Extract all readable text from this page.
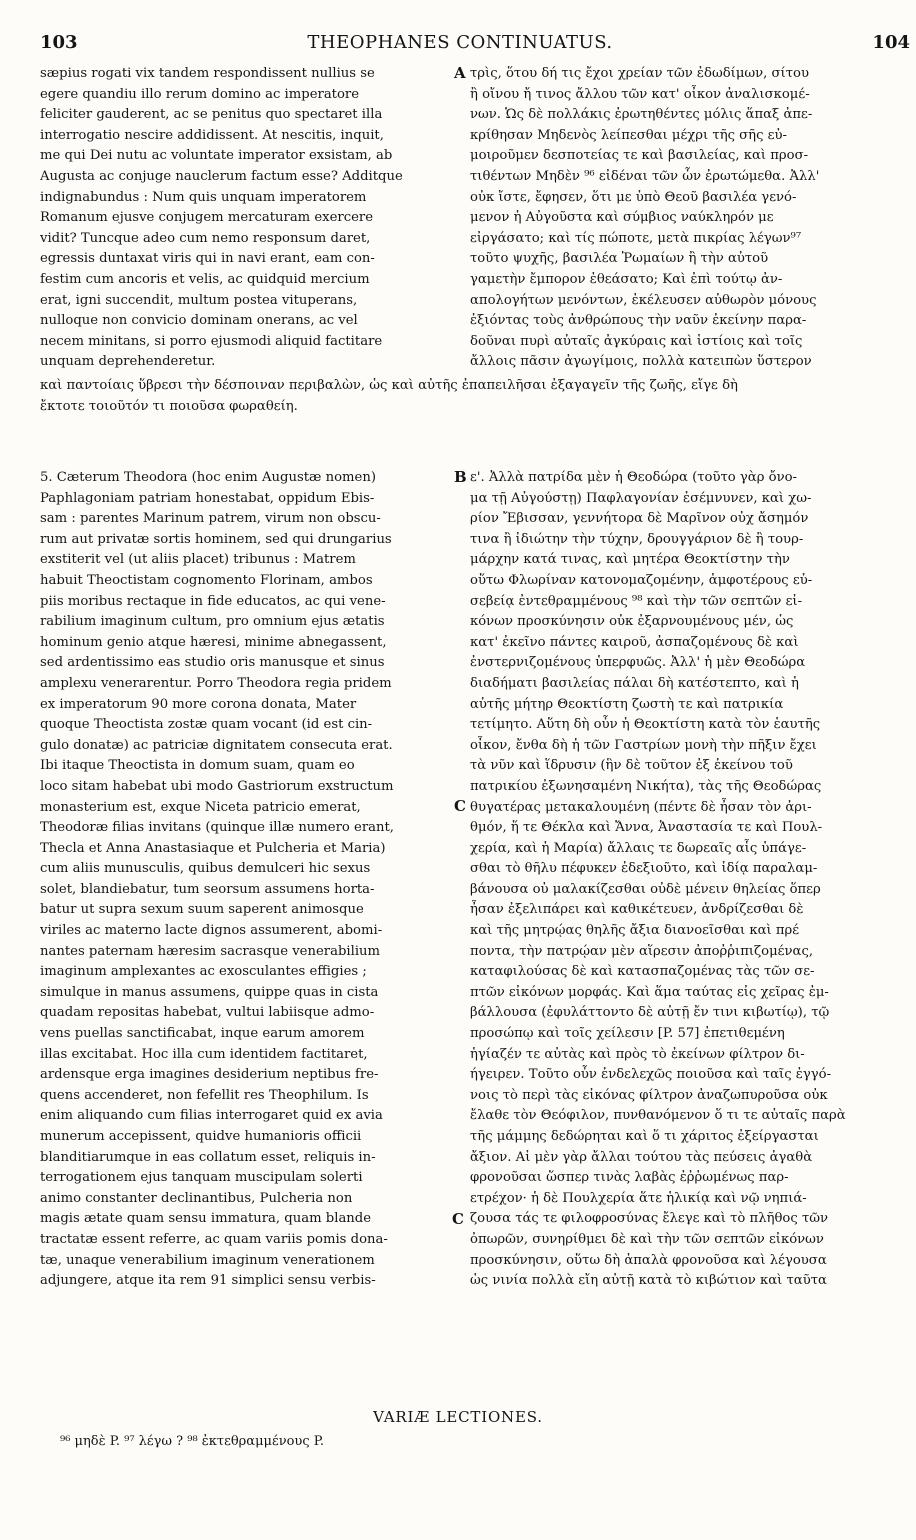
103	THEOPHANES CONTINUATUS.	104
sæpius rogati vix tandem respondissent nullius se
egere quandiu illo rerum domino ac imperatore
feliciter gauderent, ac se penitus quo spectaret illa
interrogatio nescire addidissent. At nescitis, inquit,
me qui Dei nutu ac voluntate imperator exsistam, ab
Augusta ac conjuge nauclerum factum esse? Additque
indignabundus : Num quis unquam imperatorem
Romanum ejusve conjugem mercaturam exercere
vidit? Tuncque adeo cum nemo responsum daret,
egressis duntaxat viris qui in navi erant, eam con-
festim cum ancoris et velis, ac quidquid mercium
erat, igni succendit, multum postea vituperans,
nulloque non convicio dominam onerans, ac vel
necem minitans, si porro ejusmodi aliquid factitare
unquam deprehenderetur.
A τρὶς, ὅτου δή τις ἔχοι χρείαν τῶν ἐδωδίμων, σίτου
ἢ οἴνου ἤ τινος ἄλλου τῶν κατ' οἶκον ἀναλισκομέ-
νων. Ὡς δὲ πολλάκις ἐρωτηθέντες μόλις ἅπαξ ἀπε-
κρίθησαν Μηδενὸς λείπεσθαι μέχρι τῆς σῆς εὐ-
μοιροῦμεν δεσποτείας τε καὶ βασιλείας, καὶ προσ-
τιθέντων Μηδὲν ⁹⁶ εἰδέναι τῶν ὧν ἐρωτώμεθα. Ἀλλ'
οὐκ ἴστε, ἔφησεν, ὅτι με ὑπὸ Θεοῦ βασιλέα γενό-
μενον ἡ Αὐγοῦστα καὶ σύμβιος ναύκληρόν με
εἰργάσατο; καὶ τίς πώποτε, μετὰ πικρίας λέγων⁹⁷
τοῦτο ψυχῆς, βασιλέα Ῥωμαίων ἢ τὴν αὐτοῦ
γαμετὴν ἔμπορον ἐθεάσατο; Καὶ ἐπὶ τούτῳ ἀν-
απολογήτων μενόντων, ἐκέλευσεν αὐθωρὸν μόνους
ἐξιόντας τοὺς ἀνθρώπους τὴν ναῦν ἐκείνην παρα-
δοῦναι πυρὶ αὐταῖς ἀγκύραις καὶ ἱστίοις καὶ τοῖς
ἄλλοις πᾶσιν ἀγωγίμοις, πολλὰ κατειπὼν ὕστερον
καὶ παντοίαις ὕβρεσι τὴν δέσποιναν περιβαλὼν, ὡς καὶ αὐτῆς ἐπαπειλῆσαι ἐξαγαγεῖν τῆς ζωῆς, εἴγε δὴ
ἔκτοτε τοιοῦτόν τι ποιοῦσα φωραθείη.
5. Cæterum Theodora (hoc enim Augustæ nomen)
Paphlagoniam patriam honestabat, oppidum Ebis-
sam : parentes Marinum patrem, virum non obscu-
rum aut privatæ sortis hominem, sed qui drungarius
exstiterit vel (ut aliis placet) tribunus : Matrem
habuit Theoctistam cognomento Florinam, ambos
piis moribus rectaque in fide educatos, ac qui vene-
rabilium imaginum cultum, pro omnium ejus ætatis
hominum genio atque hæresi, minime abnegassent,
sed ardentissimo eas studio oris manusque et sinus
amplexu venerarentur. Porro Theodora regia pridem
ex imperatorum 90 more corona donata, Mater
quoque Theoctista zostæ quam vocant (id est cin-
gulo donatæ) ac patriciæ dignitatem consecuta erat.
Ibi itaque Theoctista in domum suam, quam eo
loco sitam habebat ubi modo Gastriorum exstructum
monasterium est, exque Niceta patricio emerat,
Theodoræ filias invitans (quinque illæ numero erant,
Thecla et Anna Anastasiaque et Pulcheria et Maria)
cum aliis munusculis, quibus demulceri hic sexus
solet, blandiebatur, tum seorsum assumens horta-
batur ut supra sexum suum saperent animosque
viriles ac materno lacte dignos assumerent, abomi-
nantes paternam hæresim sacrasque venerabilium
imaginum amplexantes ac exosculantes effigies ;
simulque in manus assumens, quippe quas in cista
quadam repositas habebat, vultui labiisque admo-
vens puellas sanctificabat, inque earum amorem
illas excitabat. Hoc illa cum identidem factitaret,
ardensque erga imagines desiderium neptibus fre-
quens accenderet, non fefellit res Theophilum. Is
enim aliquando cum filias interrogaret quid ex avia
munerum accepissent, quidve humanioris officii
blanditiarumque in eas collatum esset, reliquis in-
terrogationem ejus tanquam muscipulam solerti
animo constanter declinantibus, Pulcheria non
magis ætate quam sensu immatura, quam blande
tractatæ essent referre, ac quam variis pomis dona-
tæ, unaque venerabilium imaginum venerationem
adjungere, atque ita rem 91 simplici sensu verbis-
B
C
C
ε'. Ἀλλὰ πατρίδα μὲν ἡ Θεοδώρα (τοῦτο γὰρ ὄνο-
μα τῇ Αὐγούστῃ) Παφλαγονίαν ἐσέμνυνεν, καὶ χω-
ρίον Ἔβισσαν, γεννήτορα δὲ Μαρῖνον οὐχ ἄσημόν
τινα ἢ ἰδιώτην τὴν τύχην, δρουγγάριον δὲ ἢ τουρ-
μάρχην κατά τινας, καὶ μητέρα Θεοκτίστην τὴν
οὕτω Φλωρίναν κατονομαζομένην, ἀμφοτέρους εὐ-
σεβείᾳ ἐντεθραμμένους ⁹⁸ καὶ τὴν τῶν σεπτῶν εἰ-
κόνων προσκύνησιν οὐκ ἐξαρνουμένους μέν, ὡς
κατ' ἐκεῖνο πάντες καιροῦ, ἀσπαζομένους δὲ καὶ
ἐνστερνιζομένους ὑπερφυῶς. Ἀλλ' ἡ μὲν Θεοδώρα
διαδήματι βασιλείας πάλαι δὴ κατέστεπτο, καὶ ἡ
αὐτῆς μήτηρ Θεοκτίστη ζωστὴ τε καὶ πατρικία
τετίμητο. Αὕτη δὴ οὖν ἡ Θεοκτίστη κατὰ τὸν ἑαυτῆς
οἶκον, ἔνθα δὴ ἡ τῶν Γαστρίων μονὴ τὴν πῆξιν ἔχει
τὰ νῦν καὶ ἵδρυσιν (ἣν δὲ τοῦτον ἐξ ἐκείνου τοῦ
πατρικίου ἐξωνησαμένη Νικήτα), τὰς τῆς Θεοδώρας
θυγατέρας μετακαλουμένη (πέντε δὲ ἦσαν τὸν ἀρι-
θμόν, ἥ τε Θέκλα καὶ Ἄννα, Ἀναστασία τε καὶ Πουλ-
χερία, καὶ ἡ Μαρία) ἄλλαις τε δωρεαῖς αἷς ὑπάγε-
σθαι τὸ θῆλυ πέφυκεν ἐδεξιοῦτο, καὶ ἰδίᾳ παραλαμ-
βάνουσα οὐ μαλακίζεσθαι οὐδὲ μένειν θηλείας ὅπερ
ἦσαν ἐξελιπάρει καὶ καθικέτευεν, ἀνδρίζεσθαι δὲ
καὶ τῆς μητρῴας θηλῆς ἄξια διανοεῖσθαι καὶ πρέ
ποντα, τὴν πατρῴαν μὲν αἵρεσιν ἀποῤῥιπιζομένας,
καταφιλούσας δὲ καὶ κατασπαζομένας τὰς τῶν σε-
πτῶν εἰκόνων μορφάς. Καὶ ἅμα ταύτας εἰς χεῖρας ἐμ-
βάλλουσα (ἐφυλάττοντο δὲ αὐτῇ ἔν τινι κιβωτίῳ), τῷ
προσώπῳ καὶ τοῖς χείλεσιν [P. 57] ἐπετιθεμένη
ἡγίαζέν τε αὐτὰς καὶ πρὸς τὸ ἐκείνων φίλτρον δι-
ήγειρεν. Τοῦτο οὖν ἐνδελεχῶς ποιοῦσα καὶ ταῖς ἐγγό-
νοις τὸ περὶ τὰς εἰκόνας φίλτρον ἀναζωπυροῦσα οὐκ
ἔλαθε τὸν Θεόφιλον, πυνθανόμενον ὅ τι τε αὐταῖς παρὰ
τῆς μάμμης δεδώρηται καὶ ὅ τι χάριτος ἐξείργασται
ἄξιον. Αἱ μὲν γὰρ ἄλλαι τούτου τὰς πεύσεις ἀγαθὰ
φρονοῦσαι ὥσπερ τινὰς λαβὰς ἐῤῥωμένως παρ-
ετρέχον· ἡ δὲ Πουλχερία ἅτε ἡλικίᾳ καὶ νῷ νηπιά-
ζουσα τάς τε φιλοφροσύνας ἔλεγε καὶ τὸ πλῆθος τῶν
ὀπωρῶν, συνηρίθμει δὲ καὶ τὴν τῶν σεπτῶν εἰκόνων
προσκύνησιν, οὕτω δὴ ἁπαλὰ φρονοῦσα καὶ λέγουσα
ὡς νινία πολλὰ εἴη αὐτῇ κατὰ τὸ κιβώτιον καὶ ταῦτα
VARIÆ LECTIONES.
⁹⁶ μηδὲ P. ⁹⁷ λέγω ? ⁹⁸ ἐκτεθραμμένους P.
